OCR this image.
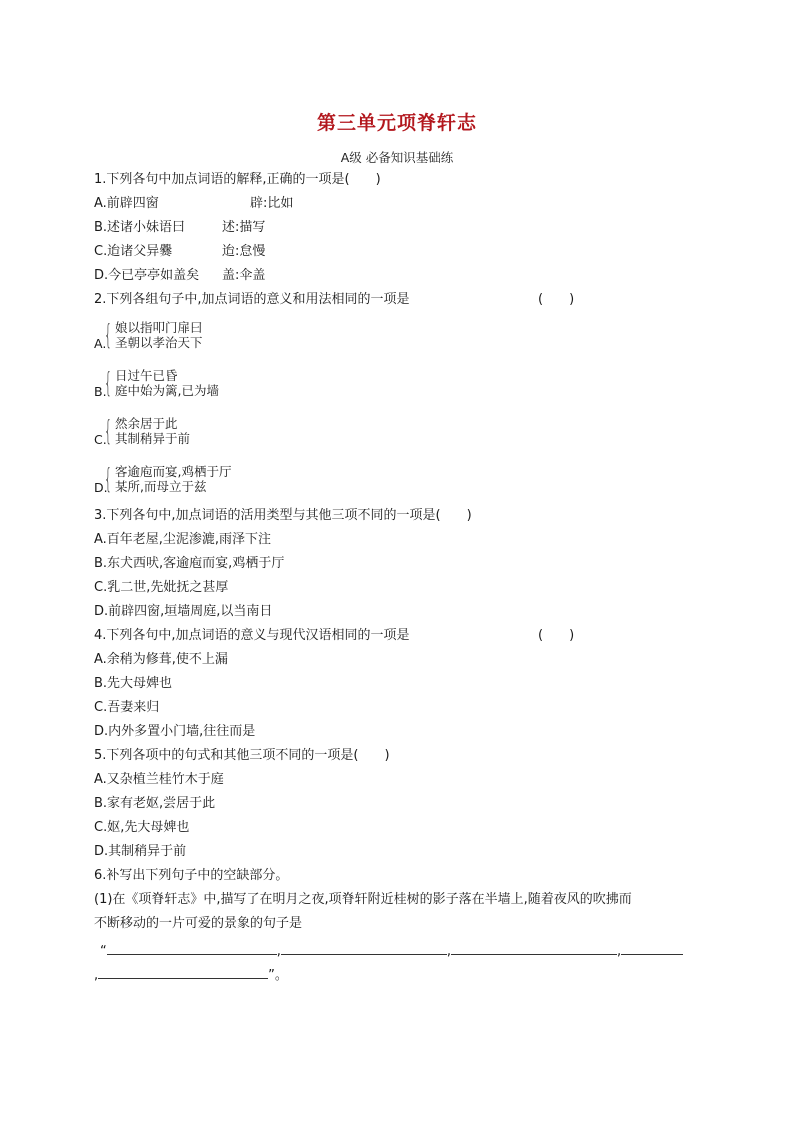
第三单元项脊轩志
A级 必备知识基础练
1.下列各句中加点词语的解释,正确的一项是(　　)
A.前辟四窗	辟:比如
B.述诸小妹语曰	述:描写
C.迨诸父异爨	迨:怠慢
D.今已亭亭如盖矣 盖:伞盖
2.下列各组句子中,加点词语的意义和用法相同的一项是	(　　)
A.
{ 娘以指叩门扉曰
圣朝以孝治天下
B.
{ 日过午已昏
庭中始为篱,已为墙
C.
{ 然余居于此
其制稍异于前
D.
{ 客逾庖而宴,鸡栖于厅
某所,而母立于兹
3.下列各句中,加点词语的活用类型与其他三项不同的一项是(　　)
A.百年老屋,尘泥渗漉,雨泽下注
B.东犬西吠,客逾庖而宴,鸡栖于厅
C.乳二世,先妣抚之甚厚
D.前辟四窗,垣墙周庭,以当南日
4.下列各句中,加点词语的意义与现代汉语相同的一项是	(　　)
A.余稍为修葺,使不上漏
B.先大母婢也
C.吾妻来归
D.内外多置小门墙,往往而是
5.下列各项中的句式和其他三项不同的一项是(　　)
A.又杂植兰桂竹木于庭
B.家有老妪,尝居于此
C.妪,先大母婢也
D.其制稍异于前
6.补写出下列句子中的空缺部分。
(1)在《项脊轩志》中,描写了在明月之夜,项脊轩附近桂树的影子落在半墙上,随着夜风的吹拂而
不断移动的一片可爱的景象的句子是
“	,	,	,
,	”。
